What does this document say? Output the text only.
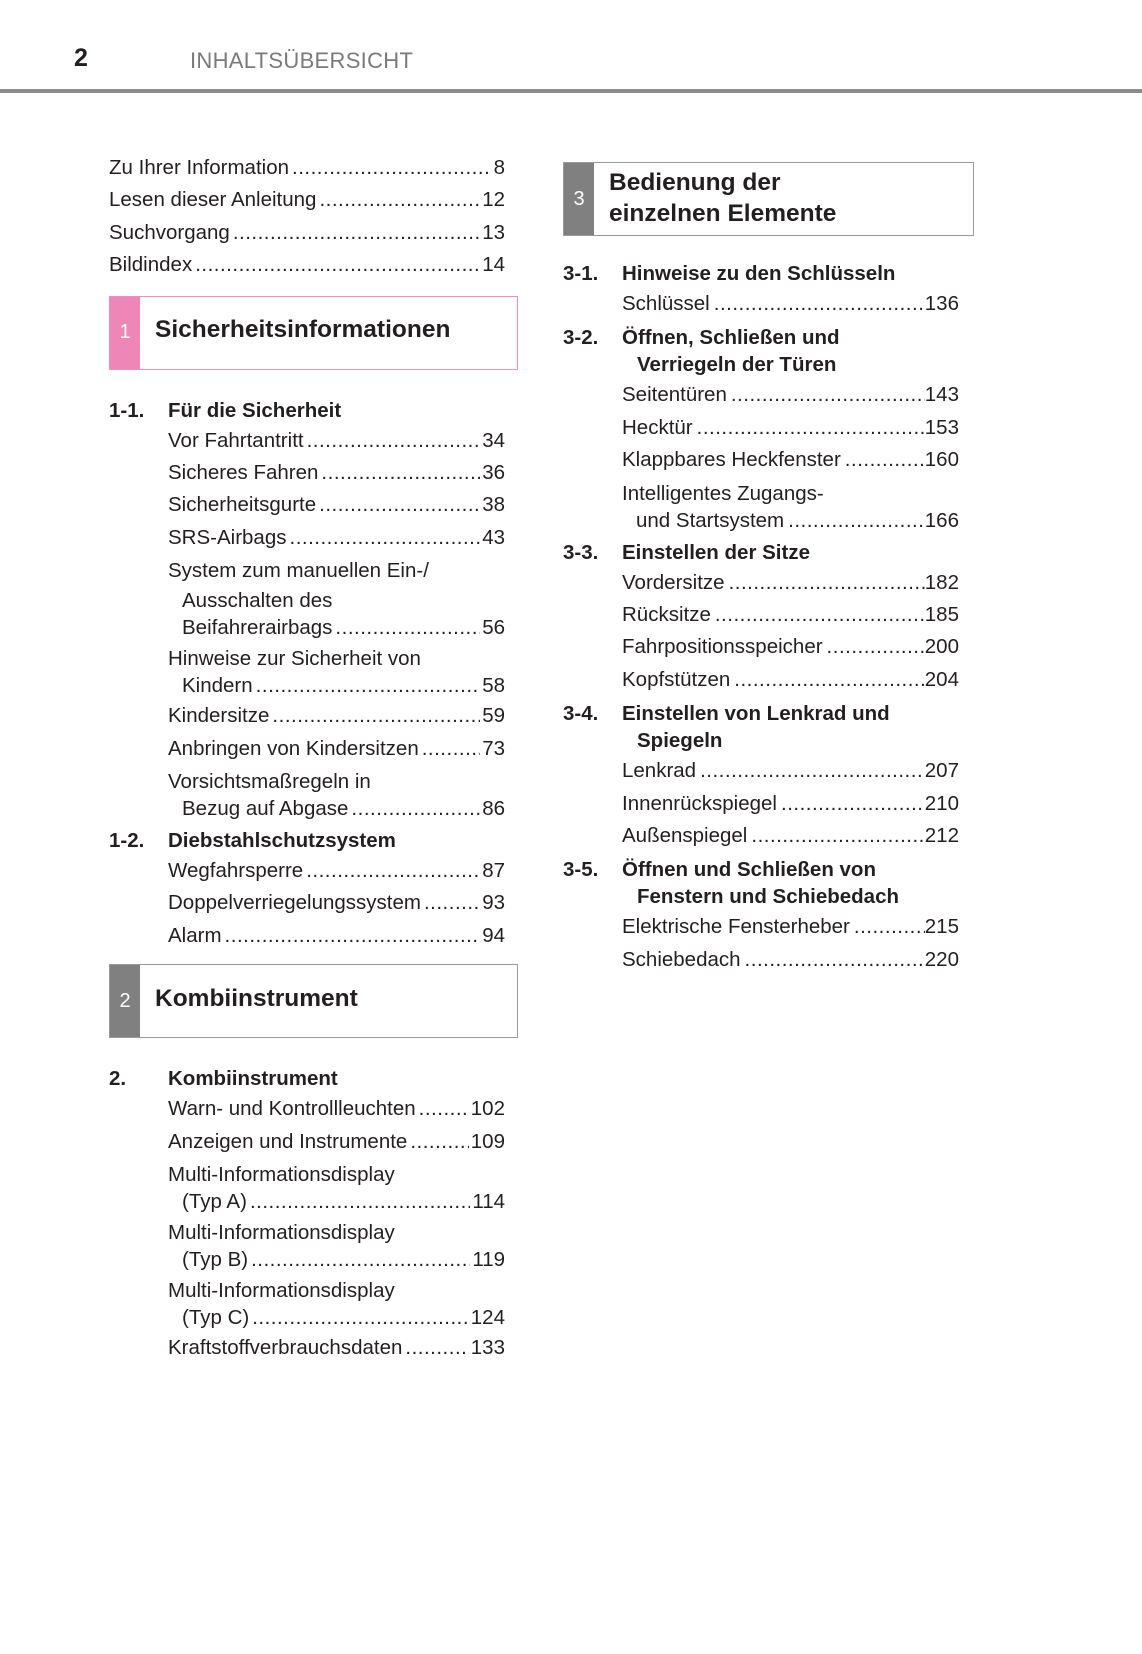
2	INHALTSÜBERSICHT
Zu Ihrer Information .....	8
Lesen dieser Anleitung .....	12
Suchvorgang .....	13
Bildindex .....	14
1 Sicherheitsinformationen
1-1.	Für die Sicherheit
Vor Fahrtantritt .....	34
Sicheres Fahren .....	36
Sicherheitsgurte .....	38
SRS-Airbags .....	43
System zum manuellen Ein-/
Ausschalten des
Beifahrerairbags .....	56
Hinweise zur Sicherheit von
Kindern .....	58
Kindersitze .....	59
Anbringen von Kindersitzen .....	73
Vorsichtsmaßregeln in
Bezug auf Abgase .....	86
1-2.	Diebstahlschutzsystem
Wegfahrsperre .....	87
Doppelverriegelungssystem .....	93
Alarm .....	94
2 Kombiinstrument
2.	Kombiinstrument
Warn- und Kontrollleuchten .....	102
Anzeigen und Instrumente .....	109
Multi-Informationsdisplay
(Typ A) .....	114
Multi-Informationsdisplay
(Typ B) .....	119
Multi-Informationsdisplay
(Typ C) .....	124
Kraftstoffverbrauchsdaten .....	133
3
Bedienung der
einzelnen Elemente
3-1.	Hinweise zu den Schlüsseln
Schlüssel .....	136
3-2.	Öffnen, Schließen und
Verriegeln der Türen
Seitentüren .....	143
Hecktür .....	153
Klappbares Heckfenster .....	160
Intelligentes Zugangs-
und Startsystem .....	166
3-3.	Einstellen der Sitze
Vordersitze .....	182
Rücksitze .....	185
Fahrpositionsspeicher .....	200
Kopfstützen .....	204
3-4.	Einstellen von Lenkrad und
Spiegeln
Lenkrad .....	207
Innenrückspiegel .....	210
Außenspiegel .....	212
3-5.	Öffnen und Schließen von
Fenstern und Schiebedach
Elektrische Fensterheber .....	215
Schiebedach .....	220
